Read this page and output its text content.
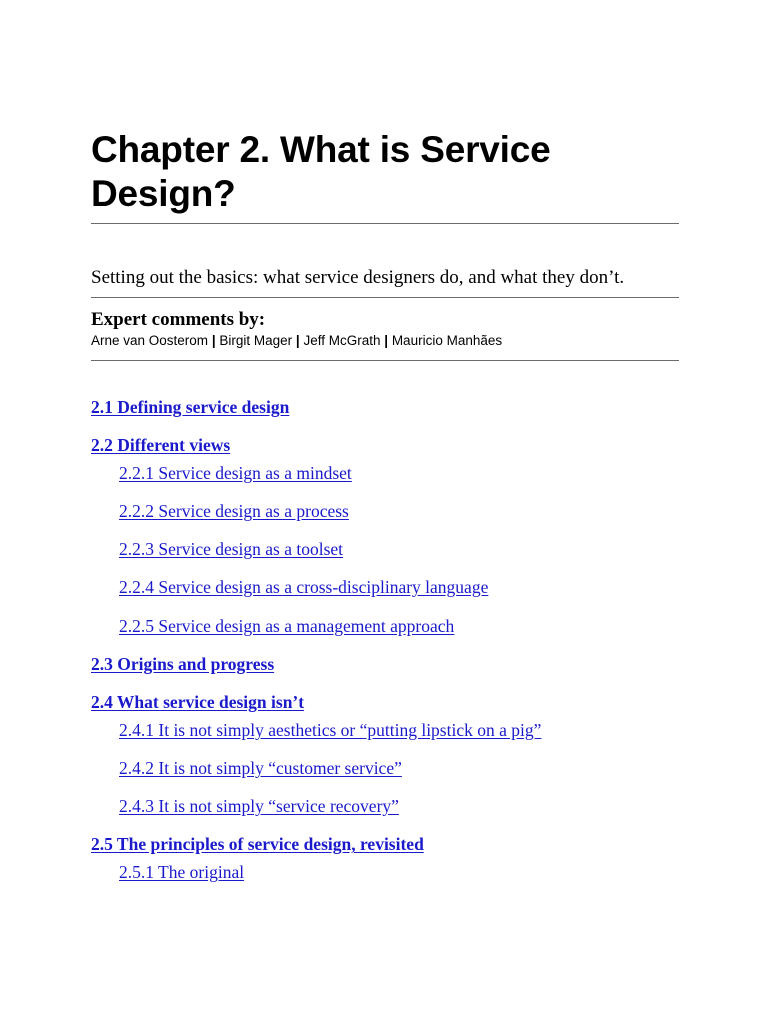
Chapter 2. What is Service Design?
Setting out the basics: what service designers do, and what they don’t.
Expert comments by:
Arne van Oosterom | Birgit Mager | Jeff McGrath | Mauricio Manhães
2.1 Defining service design
2.2 Different views
2.2.1 Service design as a mindset
2.2.2 Service design as a process
2.2.3 Service design as a toolset
2.2.4 Service design as a cross-disciplinary language
2.2.5 Service design as a management approach
2.3 Origins and progress
2.4 What service design isn’t
2.4.1 It is not simply aesthetics or “putting lipstick on a pig”
2.4.2 It is not simply “customer service”
2.4.3 It is not simply “service recovery”
2.5 The principles of service design, revisited
2.5.1 The original
